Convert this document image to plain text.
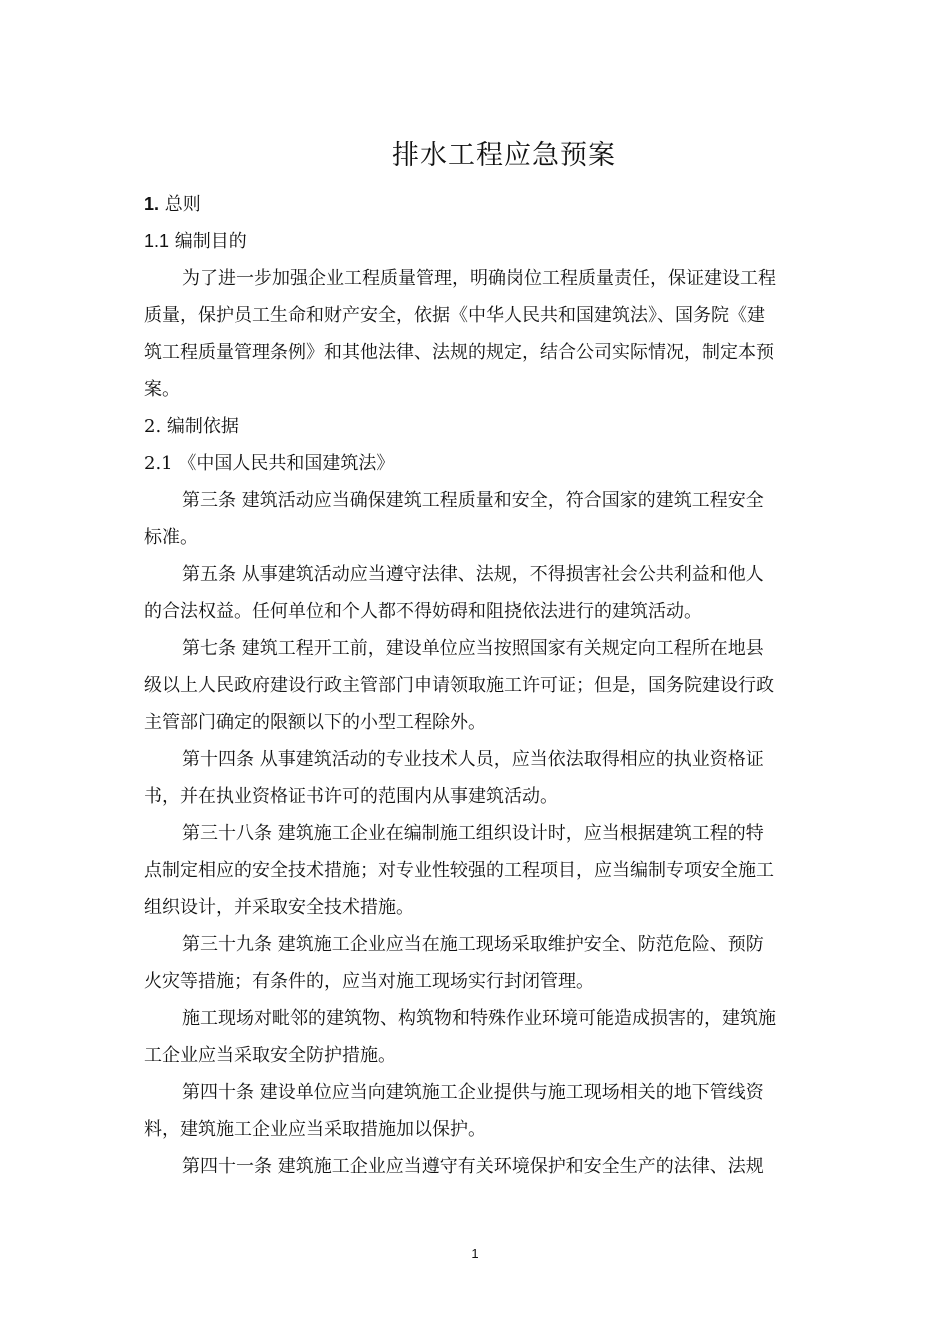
排水工程应急预案
1. 总则
1.1 编制目的
为了进一步加强企业工程质量管理，明确岗位工程质量责任，保证建设工程
质量，保护员工生命和财产安全，依据《中华人民共和国建筑法》、国务院《建
筑工程质量管理条例》和其他法律、法规的规定，结合公司实际情况，制定本预
案。
2. 编制依据
2.1 《中国人民共和国建筑法》
第三条 建筑活动应当确保建筑工程质量和安全，符合国家的建筑工程安全
标准。
第五条 从事建筑活动应当遵守法律、法规，不得损害社会公共利益和他人
的合法权益。任何单位和个人都不得妨碍和阻挠依法进行的建筑活动。
第七条 建筑工程开工前，建设单位应当按照国家有关规定向工程所在地县
级以上人民政府建设行政主管部门申请领取施工许可证；但是，国务院建设行政
主管部门确定的限额以下的小型工程除外。
第十四条 从事建筑活动的专业技术人员，应当依法取得相应的执业资格证
书，并在执业资格证书许可的范围内从事建筑活动。
第三十八条 建筑施工企业在编制施工组织设计时，应当根据建筑工程的特
点制定相应的安全技术措施；对专业性较强的工程项目，应当编制专项安全施工
组织设计，并采取安全技术措施。
第三十九条 建筑施工企业应当在施工现场采取维护安全、防范危险、预防
火灾等措施；有条件的，应当对施工现场实行封闭管理。
施工现场对毗邻的建筑物、构筑物和特殊作业环境可能造成损害的，建筑施
工企业应当采取安全防护措施。
第四十条 建设单位应当向建筑施工企业提供与施工现场相关的地下管线资
料，建筑施工企业应当采取措施加以保护。
第四十一条 建筑施工企业应当遵守有关环境保护和安全生产的法律、法规
1
